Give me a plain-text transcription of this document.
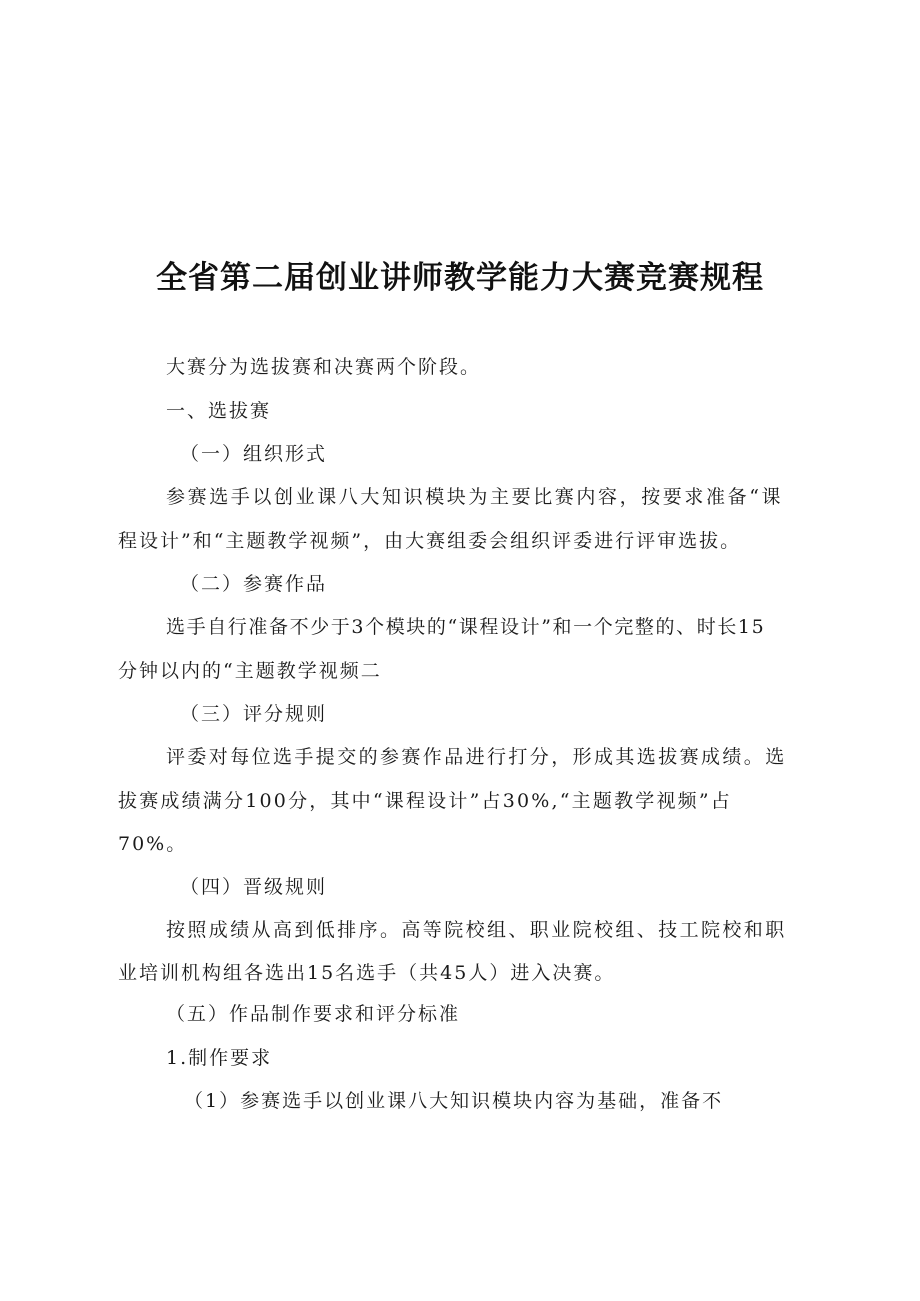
全省第二届创业讲师教学能力大赛竞赛规程
大赛分为选拔赛和决赛两个阶段。
一、选拔赛
（一）组织形式
参赛选手以创业课八大知识模块为主要比赛内容，按要求准备“课
程设计”和“主题教学视频”，由大赛组委会组织评委进行评审选拔。
（二）参赛作品
选手自行准备不少于3个模块的“课程设计”和一个完整的、时长15
分钟以内的“主题教学视频二
（三）评分规则
评委对每位选手提交的参赛作品进行打分，形成其选拔赛成绩。选
拔赛成绩满分100分，其中“课程设计”占30%,“主题教学视频”占
70%。
（四）晋级规则
按照成绩从高到低排序。高等院校组、职业院校组、技工院校和职
业培训机构组各选出15名选手（共45人）进入决赛。
（五）作品制作要求和评分标准
1.制作要求
（1）参赛选手以创业课八大知识模块内容为基础，准备不
